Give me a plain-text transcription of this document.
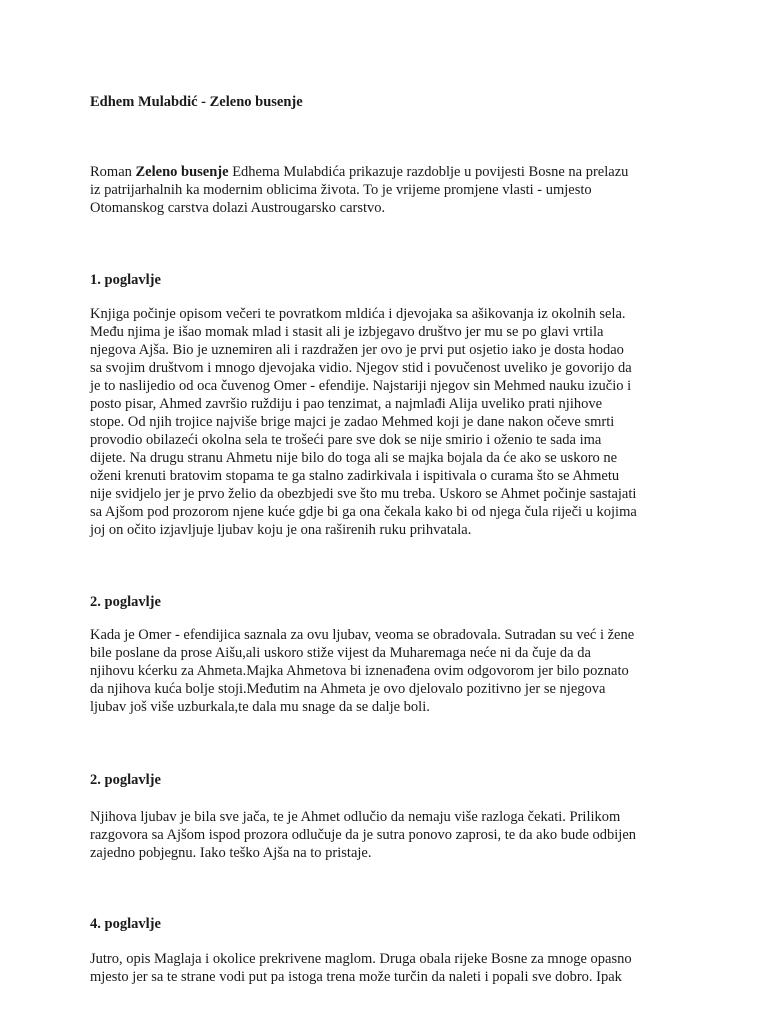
Edhem Mulabdić - Zeleno busenje
Roman Zeleno busenje Edhema Mulabdića prikazuje razdoblje u povijesti Bosne na prelazu
iz patrijarhalnih ka modernim oblicima života. To je vrijeme promjene vlasti - umjesto
Otomanskog carstva dolazi Austrougarsko carstvo.
1. poglavlje
Knjiga počinje opisom večeri te povratkom mldića i djevojaka sa ašikovanja iz okolnih sela.
Među njima je išao momak mlad i stasit ali je izbjegavo društvo jer mu se po glavi vrtila
njegova Ajša. Bio je uznemiren ali i razdražen jer ovo je prvi put osjetio iako je dosta hodao
sa svojim društvom i mnogo djevojaka vidio. Njegov stid i povučenost uveliko je govorijo da
je to naslijedio od oca čuvenog Omer - efendije. Najstariji njegov sin Mehmed nauku izučio i
posto pisar, Ahmed završio ruždiju i pao tenzimat, a najmlađi Alija uveliko prati njihove
stope. Od njih trojice najviše brige majci je zadao Mehmed koji je dane nakon očeve smrti
provodio obilazeći okolna sela te trošeći pare sve dok se nije smirio i oženio te sada ima
dijete. Na drugu stranu Ahmetu nije bilo do toga ali se majka bojala da će ako se uskoro ne
oženi krenuti bratovim stopama te ga stalno zadirkivala i ispitivala o curama što se Ahmetu
nije svidjelo jer je prvo želio da obezbjedi sve što mu treba. Uskoro se Ahmet počinje sastajati
sa Ajšom pod prozorom njene kuće gdje bi ga ona čekala kako bi od njega čula riječi u kojima
joj on očito izjavljuje ljubav koju je ona raširenih ruku prihvatala.
2. poglavlje
Kada je Omer - efendijica saznala za ovu ljubav, veoma se obradovala. Sutradan su već i žene
bile poslane da prose Aišu,ali uskoro stiže vijest da Muharemaga neće ni da čuje da da
njihovu kćerku za Ahmeta.Majka Ahmetova bi iznenađena ovim odgovorom jer bilo poznato
da njihova kuća bolje stoji.Međutim na Ahmeta je ovo djelovalo pozitivno jer se njegova
ljubav još više uzburkala,te dala mu snage da se dalje boli.
2. poglavlje
Njihova ljubav je bila sve jača, te je Ahmet odlučio da nemaju više razloga čekati. Prilikom
razgovora sa Ajšom ispod prozora odlučuje da je sutra ponovo zaprosi, te da ako bude odbijen
zajedno pobjegnu. Iako teško Ajša na to pristaje.
4. poglavlje
Jutro, opis Maglaja i okolice prekrivene maglom. Druga obala rijeke Bosne za mnoge opasno
mjesto jer sa te strane vodi put pa istoga trena može turčin da naleti i popali sve dobro. Ipak
